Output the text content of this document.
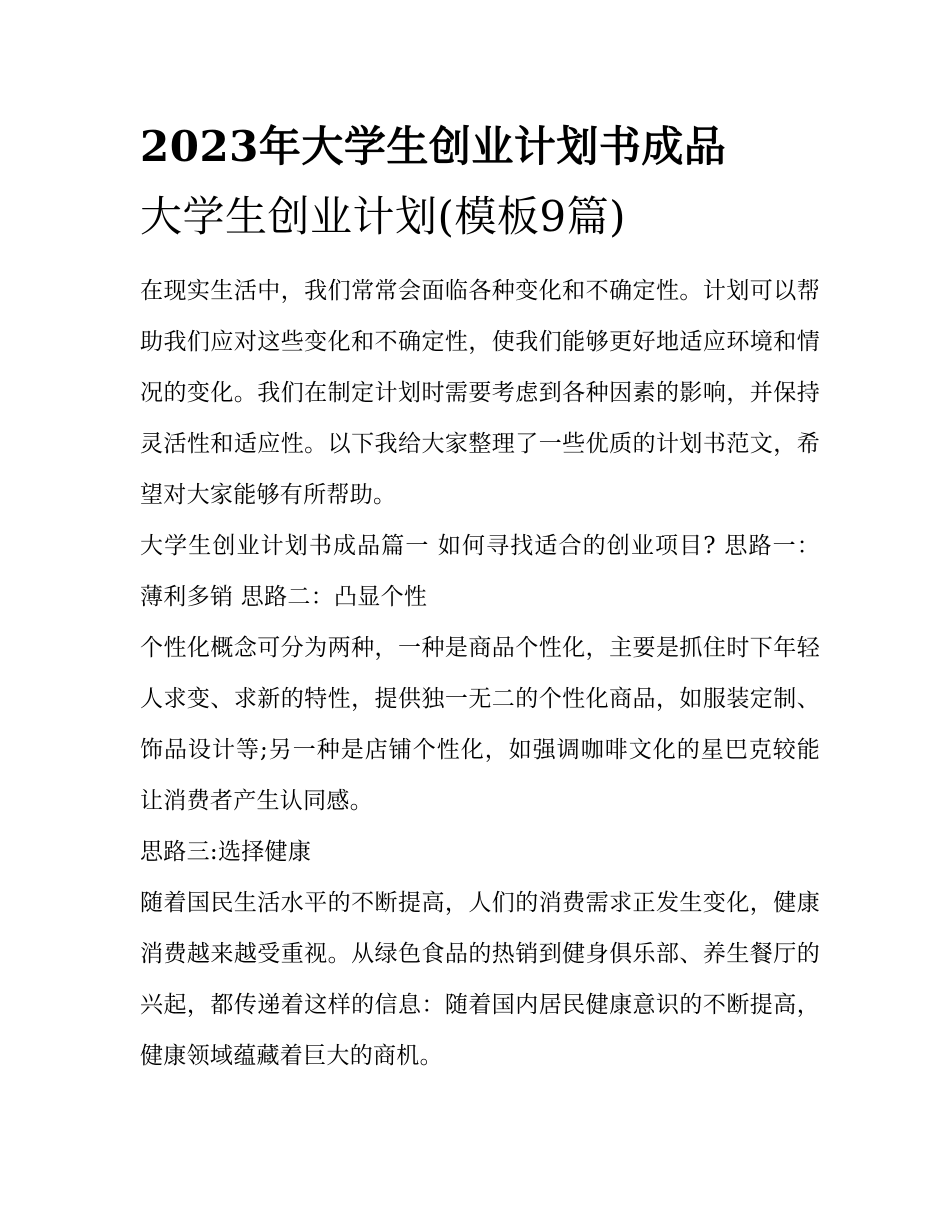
2023年大学生创业计划书成品
大学生创业计划(模板9篇)

在现实生活中，我们常常会面临各种变化和不确定性。计划可以帮助我们应对这些变化和不确定性，使我们能够更好地适应环境和情况的变化。我们在制定计划时需要考虑到各种因素的影响，并保持灵活性和适应性。以下我给大家整理了一些优质的计划书范文，希望对大家能够有所帮助。

大学生创业计划书成品篇一 如何寻找适合的创业项目? 思路一：薄利多销 思路二：凸显个性

个性化概念可分为两种，一种是商品个性化，主要是抓住时下年轻人求变、求新的特性，提供独一无二的个性化商品，如服装定制、饰品设计等;另一种是店铺个性化，如强调咖啡文化的星巴克较能让消费者产生认同感。

思路三:选择健康

随着国民生活水平的不断提高，人们的消费需求正发生变化，健康消费越来越受重视。从绿色食品的热销到健身俱乐部、养生餐厅的兴起，都传递着这样的信息：随着国内居民健康意识的不断提高，健康领域蕴藏着巨大的商机。
